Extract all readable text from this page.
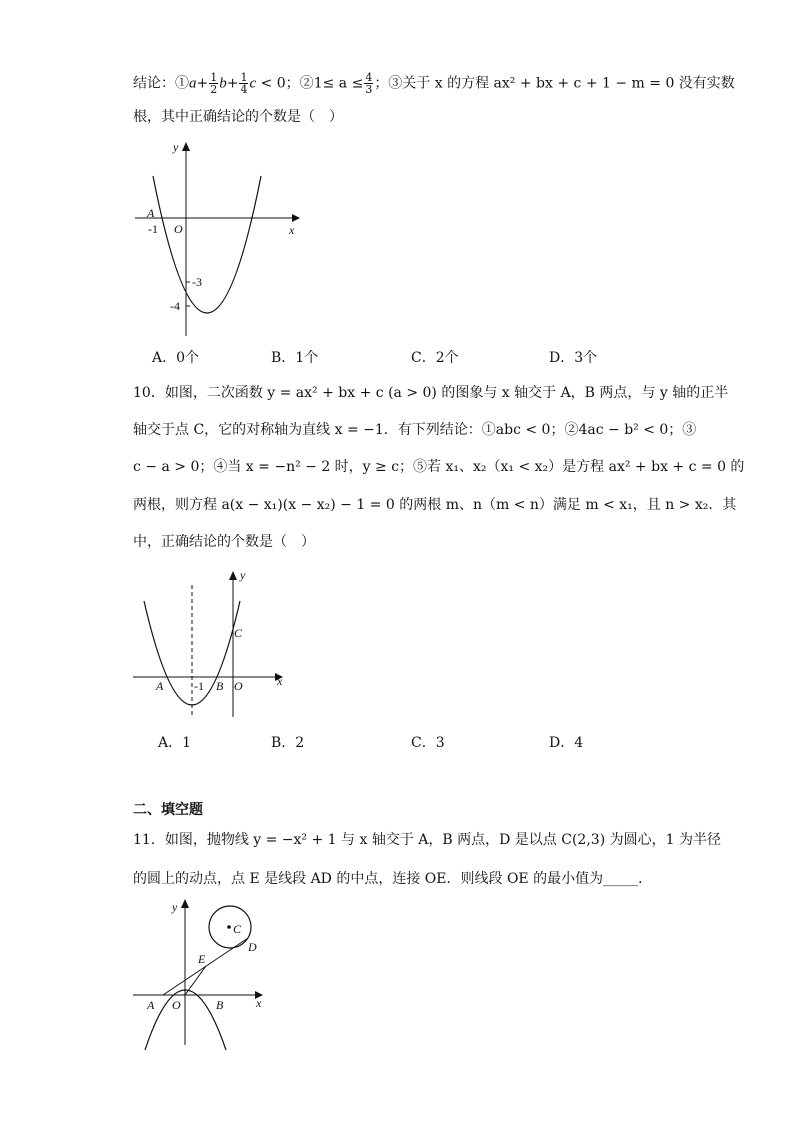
结论：①a+ $\frac{1}{2} b+ \frac{1}{4}$ c < 0；②1≤ $a \le \frac{4}{3}$ ；③关于 x 的方程 ax² + bx + c + 1 − m = 0 没有实数
根，其中正确结论的个数是（　）
y
x
A
O
-1
-3
-4
A．0个	B．1个	C．2个	D．3个
10．如图，二次函数 y = ax² + bx + c (a > 0) 的图象与 x 轴交于 A，B 两点，与 y 轴的正半
轴交于点 C，它的对称轴为直线 x = −1．有下列结论：①abc < 0；②4ac − b² < 0；③
c − a > 0；④当 x = −n² − 2 时，y ≥ c；⑤若 x₁、x₂（x₁ < x₂）是方程 ax² + bx + c = 0 的
两根，则方程 a(x − x₁)(x − x₂) − 1 = 0 的两根 m、n（m < n）满足 m < x₁，且 n > x₂．其
中，正确结论的个数是（　）
y
x
C
A	-1 B O
A．1	B．2	C．3	D．4
二、填空题
11．如图，抛物线 y = −x² + 1 与 x 轴交于 A，B 两点，D 是以点 C(2,3) 为圆心，1 为半径
的圆上的动点，点 E 是线段 AD 的中点，连接 OE．则线段 OE 的最小值为_____．
y
x
C
D
E
A O	B
